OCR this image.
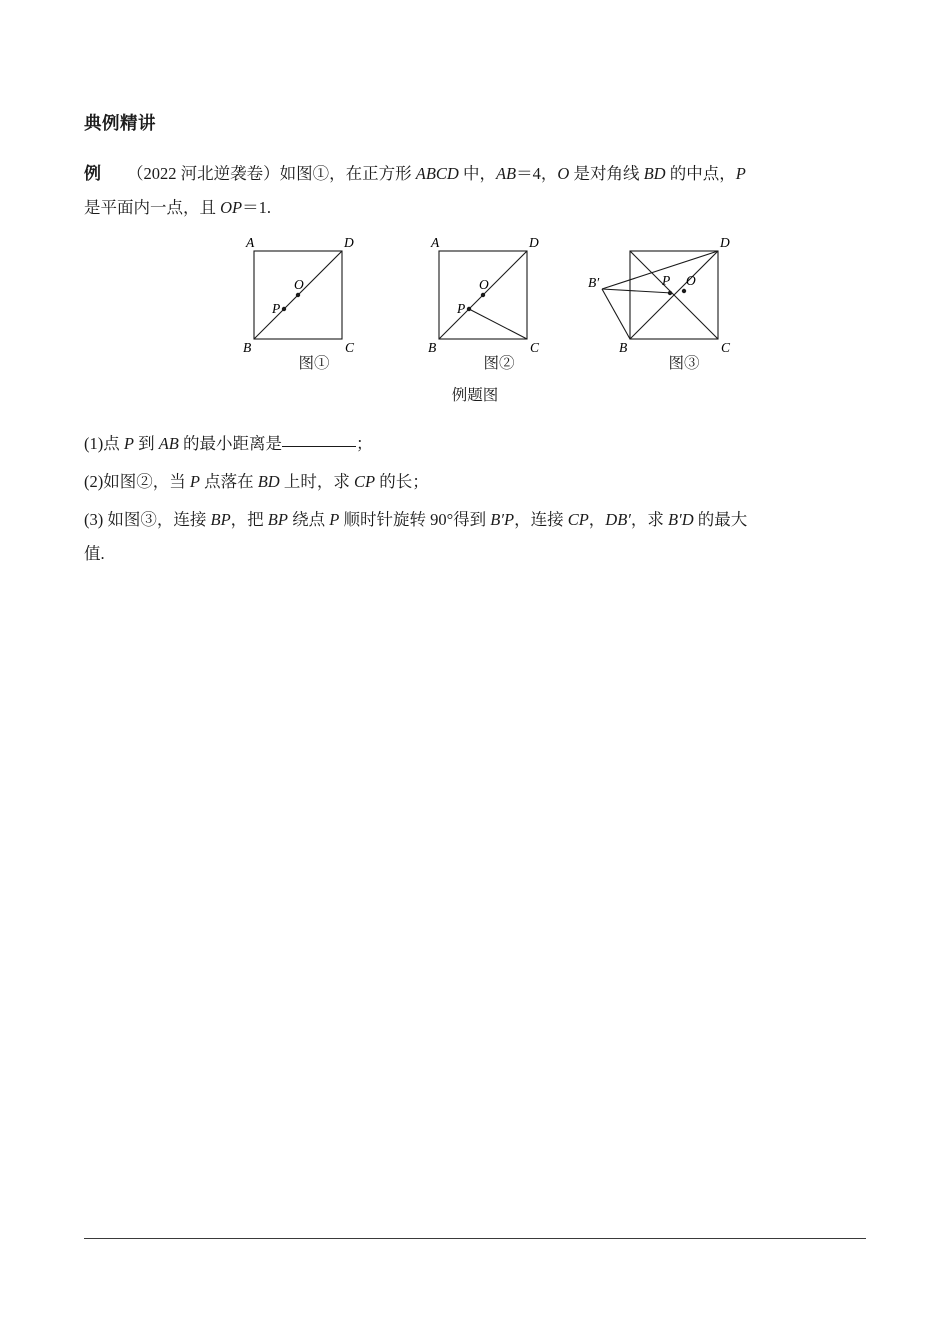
典例精讲
例 （2022 河北逆袭卷）如图①，在正方形 ABCD 中，AB＝4，O 是对角线 BD 的中点，P
是平面内一点，且 OP＝1.
A	D
B	C
O
P
图①
A	D
B	C
O
P
图②
B′
D
B	C
O
P
图③
例题图
(1)点 P 到 AB 的最小距离是	；
(2)如图②，当 P 点落在 BD 上时，求 CP 的长；
(3) 如图③，连接 BP，把 BP 绕点 P 顺时针旋转 90°得到 B′P，连接 CP，DB′，求 B′D 的最大
值.
